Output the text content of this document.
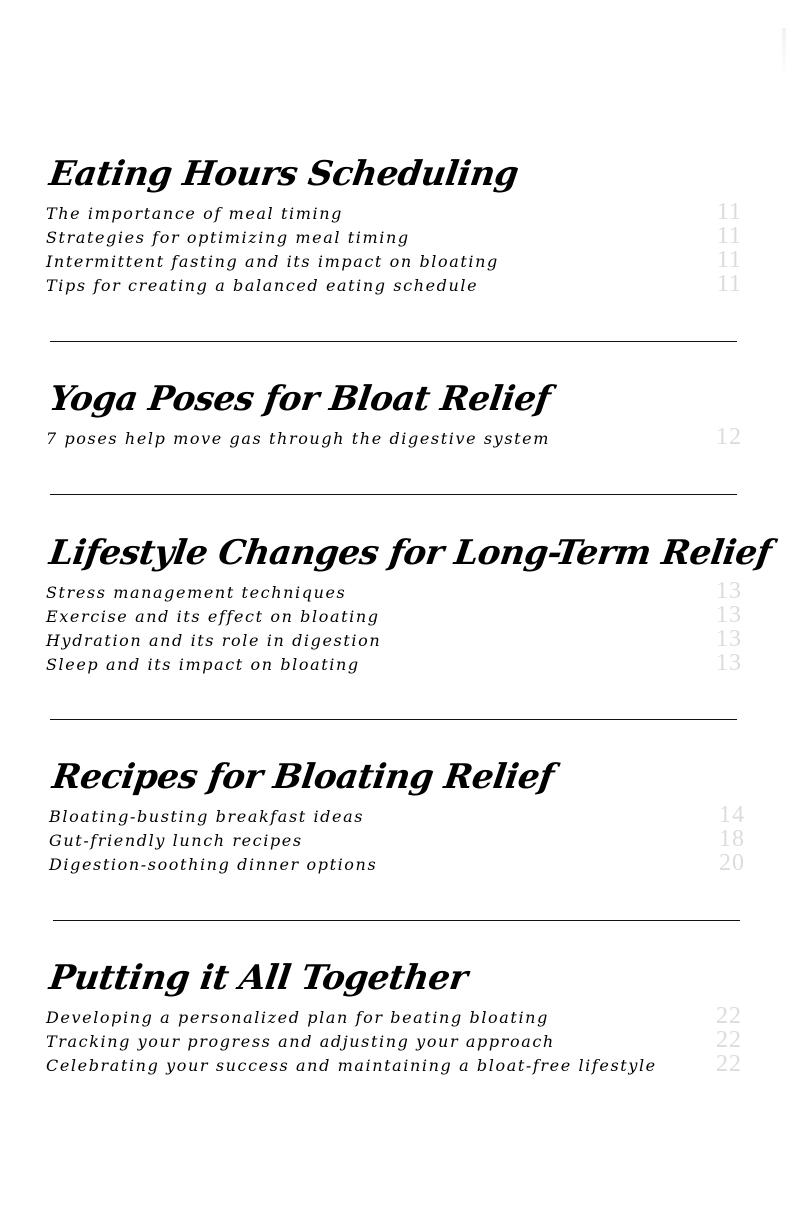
Eating Hours Scheduling
The importance of meal timing	11
Strategies for optimizing meal timing	11
Intermittent fasting and its impact on bloating	11
Tips for creating a balanced eating schedule	11
Yoga Poses for Bloat Relief
7 poses help move gas through the digestive system	12
Lifestyle Changes for Long-Term Relief
Stress management techniques	13
Exercise and its effect on bloating	13
Hydration and its role in digestion	13
Sleep and its impact on bloating	13
Recipes for Bloating Relief
Bloating-busting breakfast ideas	14
Gut-friendly lunch recipes	18
Digestion-soothing dinner options	20
Putting it All Together
Developing a personalized plan for beating bloating	22
Tracking your progress and adjusting your approach	22
Celebrating your success and maintaining a bloat-free lifestyle 22
